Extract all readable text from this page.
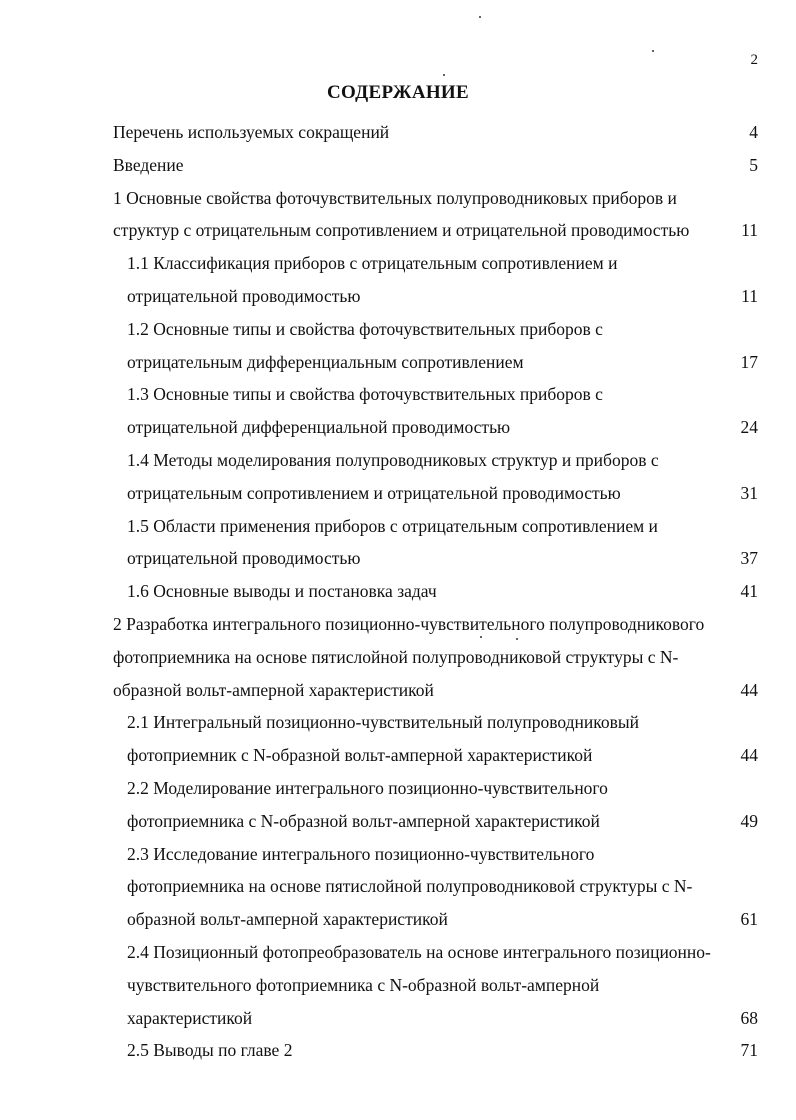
2
СОДЕРЖАНИЕ
Перечень используемых сокращений	4
Введение	5
1 Основные свойства фоточувствительных полупроводниковых приборов и
структур с отрицательным сопротивлением и отрицательной проводимостью	11
1.1 Классификация приборов с отрицательным сопротивлением и
отрицательной проводимостью	11
1.2 Основные типы и свойства фоточувствительных приборов с
отрицательным дифференциальным сопротивлением	17
1.3 Основные типы и свойства фоточувствительных приборов с
отрицательной дифференциальной проводимостью	24
1.4 Методы моделирования полупроводниковых структур и приборов с
отрицательным сопротивлением и отрицательной проводимостью	31
1.5 Области применения приборов с отрицательным сопротивлением и
отрицательной проводимостью	37
1.6 Основные выводы и постановка задач	41
2 Разработка интегрального позиционно-чувствительного полупроводникового
фотоприемника на основе пятислойной полупроводниковой структуры с N-
образной вольт-амперной характеристикой	44
2.1 Интегральный позиционно-чувствительный полупроводниковый
фотоприемник с N-образной вольт-амперной характеристикой	44
2.2 Моделирование интегрального позиционно-чувствительного
фотоприемника с N-образной вольт-амперной характеристикой	49
2.3 Исследование интегрального позиционно-чувствительного
фотоприемника на основе пятислойной полупроводниковой структуры с N-
образной вольт-амперной характеристикой	61
2.4 Позиционный фотопреобразователь на основе интегрального позиционно-
чувствительного фотоприемника с N-образной вольт-амперной
характеристикой	68
2.5 Выводы по главе 2	71
